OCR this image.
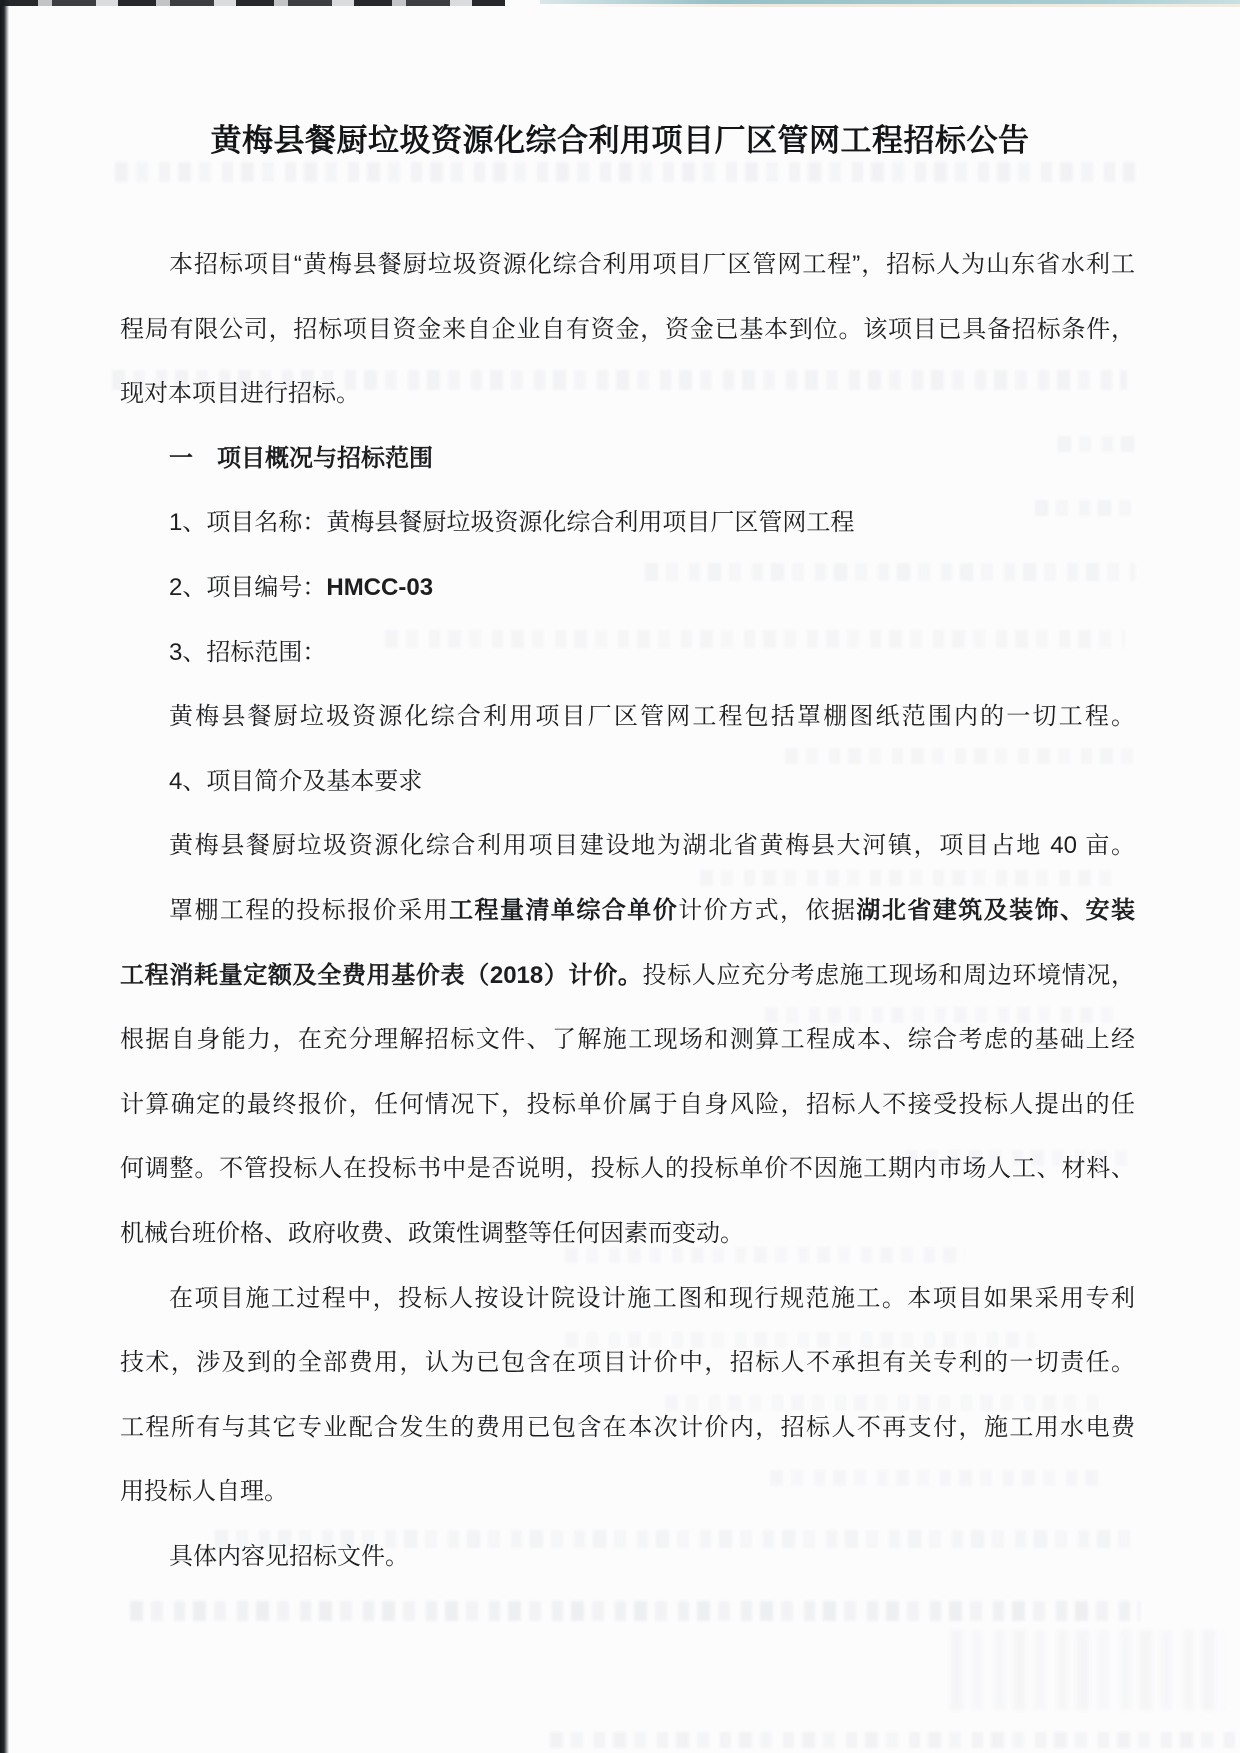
黄梅县餐厨垃圾资源化综合利用项目厂区管网工程招标公告
本招标项目“黄梅县餐厨垃圾资源化综合利用项目厂区管网工程”，招标人为山东省水利工
程局有限公司，招标项目资金来自企业自有资金，资金已基本到位。该项目已具备招标条件，
现对本项目进行招标。
一　项目概况与招标范围
1、项目名称：黄梅县餐厨垃圾资源化综合利用项目厂区管网工程
2、项目编号：HMCC-03
3、招标范围：
黄梅县餐厨垃圾资源化综合利用项目厂区管网工程包括罩棚图纸范围内的一切工程。
4、项目简介及基本要求
黄梅县餐厨垃圾资源化综合利用项目建设地为湖北省黄梅县大河镇，项目占地 40 亩。
罩棚工程的投标报价采用工程量清单综合单价计价方式，依据湖北省建筑及装饰、安装
工程消耗量定额及全费用基价表（2018）计价。投标人应充分考虑施工现场和周边环境情况，
根据自身能力，在充分理解招标文件、了解施工现场和测算工程成本、综合考虑的基础上经
计算确定的最终报价，任何情况下，投标单价属于自身风险，招标人不接受投标人提出的任
何调整。不管投标人在投标书中是否说明，投标人的投标单价不因施工期内市场人工、材料、
机械台班价格、政府收费、政策性调整等任何因素而变动。
在项目施工过程中，投标人按设计院设计施工图和现行规范施工。本项目如果采用专利
技术，涉及到的全部费用，认为已包含在项目计价中，招标人不承担有关专利的一切责任。
工程所有与其它专业配合发生的费用已包含在本次计价内，招标人不再支付，施工用水电费
用投标人自理。
具体内容见招标文件。
